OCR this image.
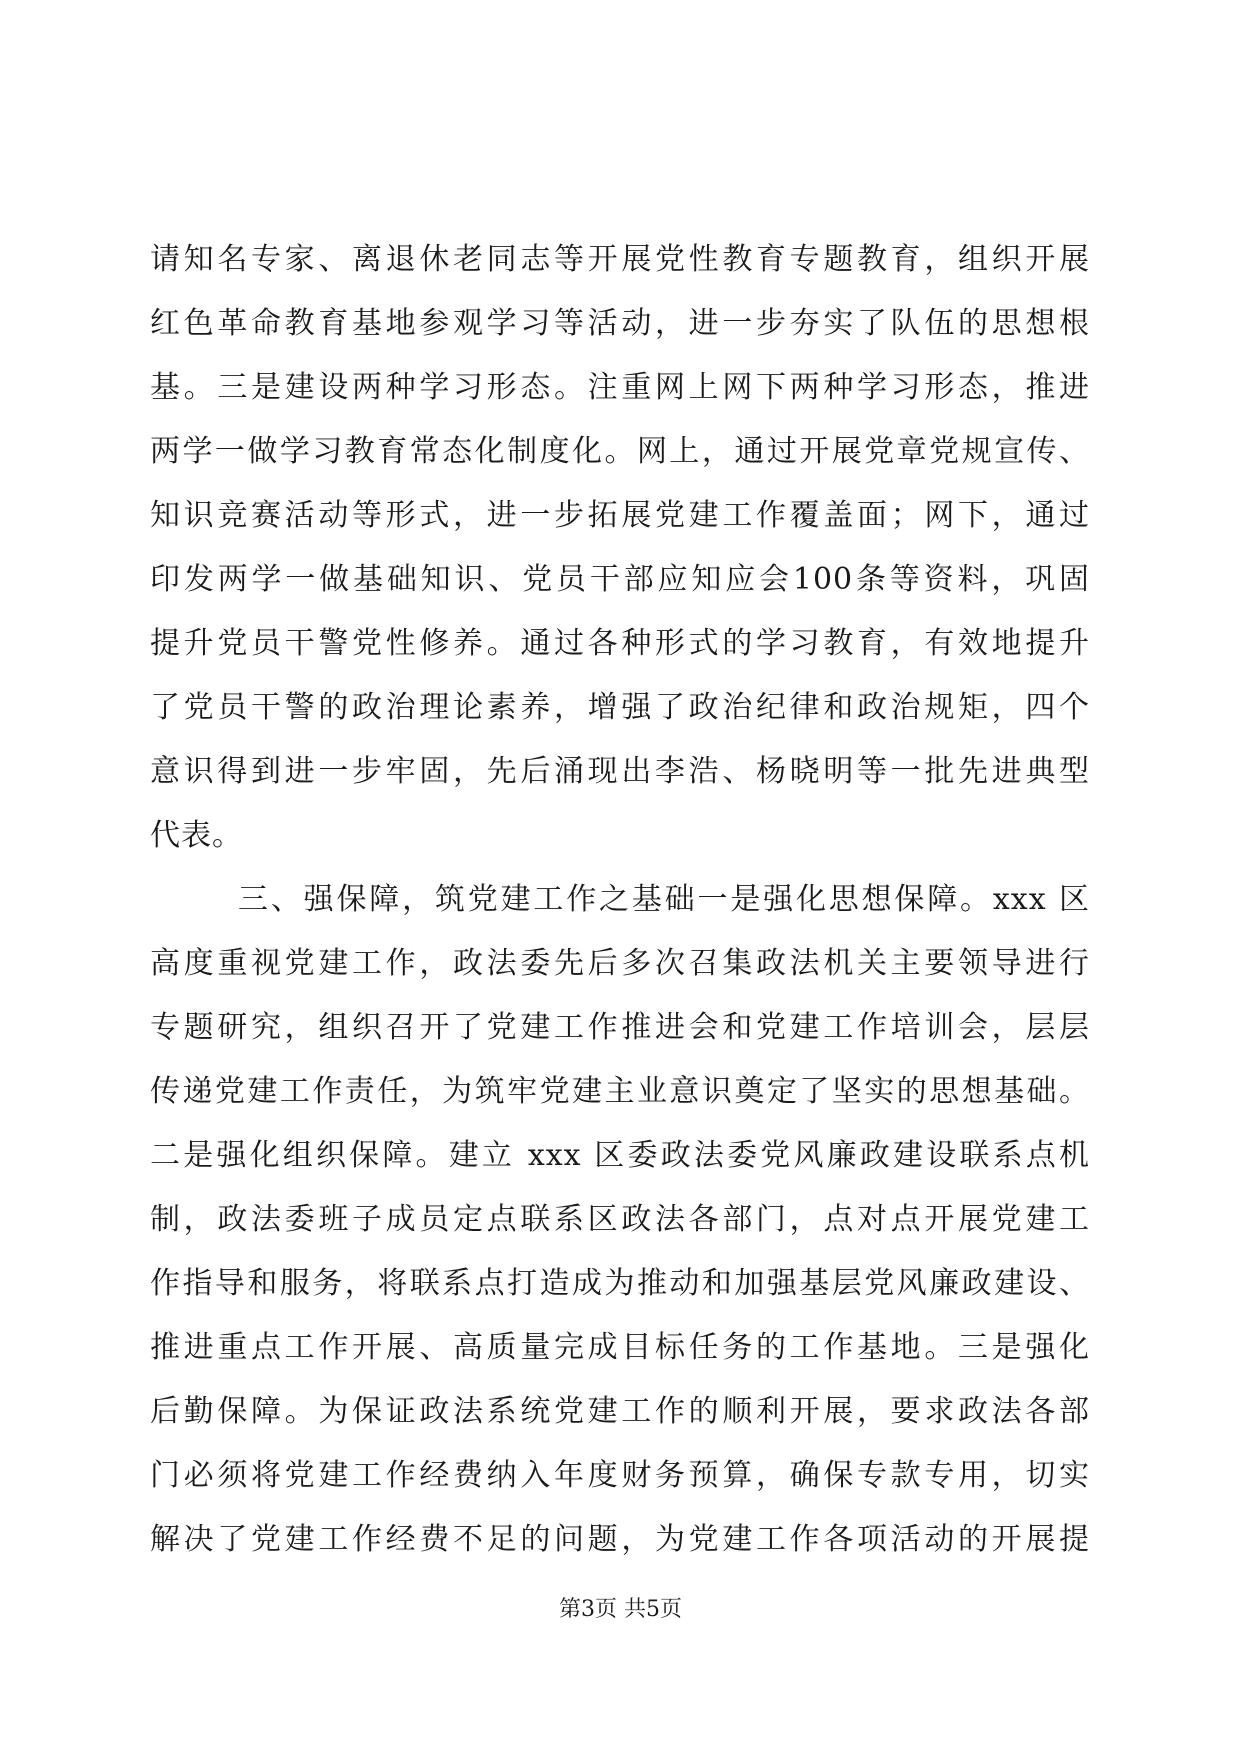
请知名专家、离退休老同志等开展党性教育专题教育，组织开展
红色革命教育基地参观学习等活动，进一步夯实了队伍的思想根
基。三是建设两种学习形态。注重网上网下两种学习形态，推进
两学一做学习教育常态化制度化。网上，通过开展党章党规宣传、
知识竞赛活动等形式，进一步拓展党建工作覆盖面；网下，通过
印发两学一做基础知识、党员干部应知应会100条等资料，巩固
提升党员干警党性修养。通过各种形式的学习教育，有效地提升
了党员干警的政治理论素养，增强了政治纪律和政治规矩，四个
意识得到进一步牢固，先后涌现出李浩、杨晓明等一批先进典型
代表。
三、强保障，筑党建工作之基础一是强化思想保障。xxx 区
高度重视党建工作，政法委先后多次召集政法机关主要领导进行
专题研究，组织召开了党建工作推进会和党建工作培训会，层层
传递党建工作责任，为筑牢党建主业意识奠定了坚实的思想基础。
二是强化组织保障。建立 xxx 区委政法委党风廉政建设联系点机
制，政法委班子成员定点联系区政法各部门，点对点开展党建工
作指导和服务，将联系点打造成为推动和加强基层党风廉政建设、
推进重点工作开展、高质量完成目标任务的工作基地。三是强化
后勤保障。为保证政法系统党建工作的顺利开展，要求政法各部
门必须将党建工作经费纳入年度财务预算，确保专款专用，切实
解决了党建工作经费不足的问题，为党建工作各项活动的开展提
第3页 共5页
